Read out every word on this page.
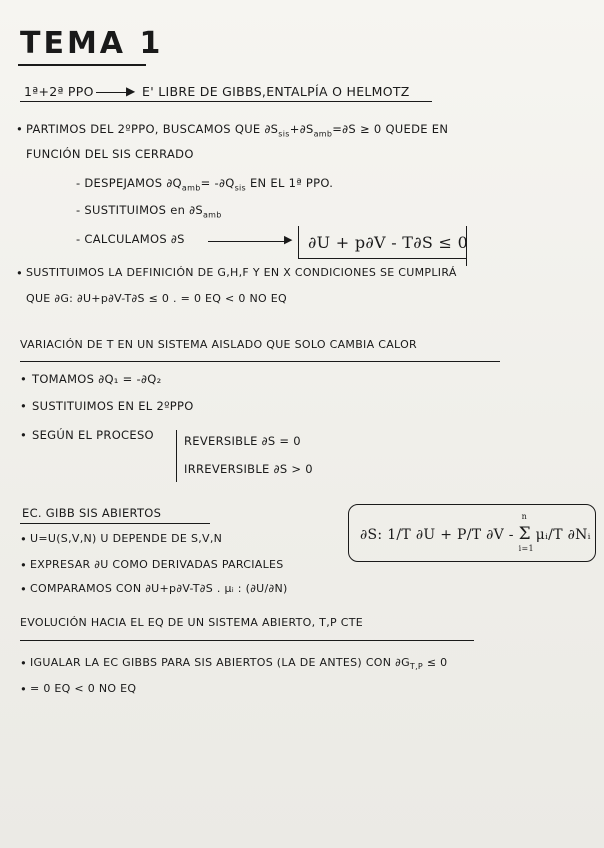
TEMA 1
1ª+2ª PPO	▶ E' LIBRE DE GIBBS,ENTALPÍA O HELMOTZ
• PARTIMOS DEL 2ºPPO, BUSCAMOS QUE $\partial S_{sis}+\partial S_{amb}=\partial S \ge 0$ QUEDE EN
FUNCIÓN DEL SIS CERRADO
- DESPEJAMOS $\partial Q_{amb}= -\partial Q_{sis}$ EN EL 1ª PPO.
- SUSTITUIMOS en $\partial S_{amb}$
- CALCULAMOS ∂S	▶ ∂U + p∂V - T∂S ≤ 0
• SUSTITUIMOS LA DEFINICIÓN DE G,H,F Y EN X CONDICIONES SE CUMPLIRÁ
QUE ∂G: ∂U+p∂V-T∂S ≤ 0 . = 0 EQ < 0 NO EQ
VARIACIÓN DE T EN UN SISTEMA AISLADO QUE SOLO CAMBIA CALOR
• TOMAMOS ∂Q₁ = -∂Q₂
• SUSTITUIMOS EN EL 2ºPPO
• SEGÚN EL PROCESO	REVERSIBLE ∂S = 0
IRREVERSIBLE ∂S > 0
EC. GIBB SIS ABIERTOS
• U=U(S,V,N) U DEPENDE DE S,V,N
• EXPRESAR ∂U COMO DERIVADAS PARCIALES
• COMPARAMOS CON ∂U+p∂V-T∂S . μᵢ : (∂U/∂N)
∂S: 1/T ∂U + P/T ∂V -
n
Σ
i=1
μᵢ/T ∂Nᵢ
EVOLUCIÓN HACIA EL EQ DE UN SISTEMA ABIERTO, T,P CTE
• IGUALAR LA EC GIBBS PARA SIS ABIERTOS (LA DE ANTES) CON $\partial G_{T,P} \le 0$
• = 0 EQ < 0 NO EQ
